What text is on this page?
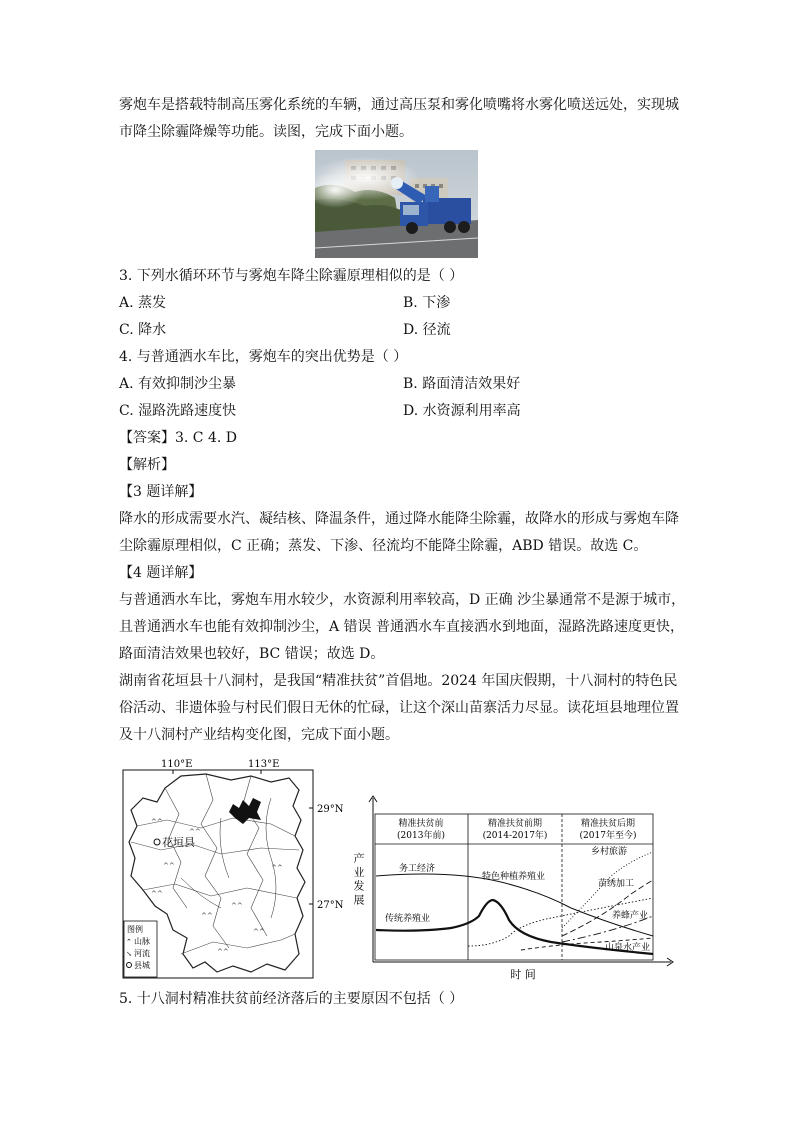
雾炮车是搭载特制高压雾化系统的车辆，通过高压泵和雾化喷嘴将水雾化喷送远处，实现城
市降尘除霾降燥等功能。读图，完成下面小题。
3. 下列水循环环节与雾炮车降尘除霾原理相似的是（ ）
A. 蒸发	B. 下渗
C. 降水	D. 径流
4. 与普通洒水车比，雾炮车的突出优势是（ ）
A. 有效抑制沙尘暴	B. 路面清洁效果好
C. 湿路洗路速度快	D. 水资源利用率高
【答案】3. C 4. D
【解析】
【3 题详解】
降水的形成需要水汽、凝结核、降温条件，通过降水能降尘除霾，故降水的形成与雾炮车降
尘除霾原理相似，C 正确；蒸发、下渗、径流均不能降尘除霾，ABD 错误。故选 C。
【4 题详解】
与普通洒水车比，雾炮车用水较少，水资源利用率较高，D 正确 沙尘暴通常不是源于城市，
且普通洒水车也能有效抑制沙尘，A 错误 普通洒水车直接洒水到地面，湿路洗路速度更快，
路面清洁效果也较好，BC 错误；故选 D。
湖南省花垣县十八洞村，是我国“精准扶贫”首倡地。2024 年国庆假期，十八洞村的特色民
俗活动、非遗体验与村民们假日无休的忙碌，让这个深山苗寨活力尽显。读花垣县地理位置
及十八洞村产业结构变化图，完成下面小题。
110°E	113°E
29°N
27°N
^^
^^
^^
^^
^^
^^
^^
^^
^^
花垣县
图例
⌃ 山脉
↘ 河流
县城
精准扶贫前
(2013年前)
精准扶贫前期
(2014-2017年)
精准扶贫后期
(2017年至今)
产业发展
时 间
务工经济
传统养殖业
特色种植养殖业
乡村旅游
苗绣加工
养蜂产业
山泉水产业
5. 十八洞村精准扶贫前经济落后的主要原因不包括（ ）
